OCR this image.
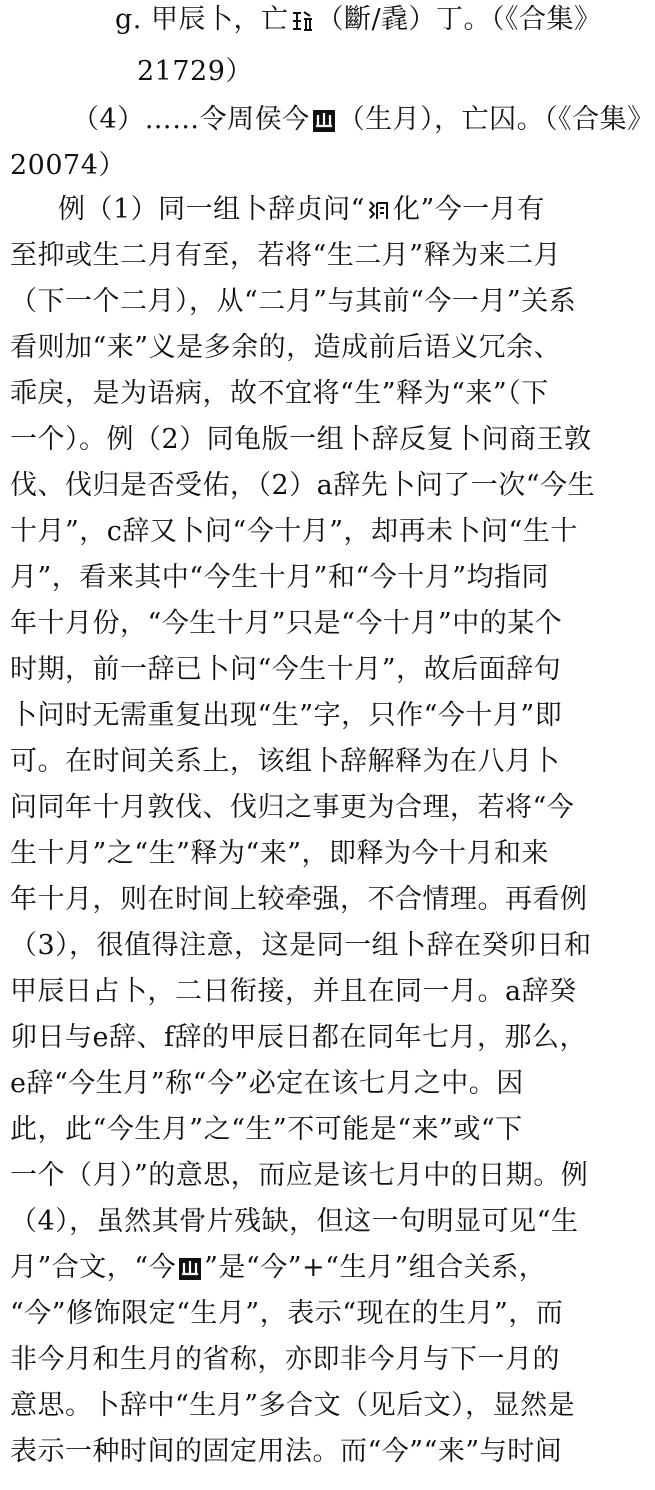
g. 甲辰卜，亡 （斷/毳）丁。（《合集》
21729）
（4）……令周侯今 （生月），亡囚。（《合集》
20074）
例（1）同一组卜辞贞问“ 化”今一月有
至抑或生二月有至，若将“生二月”释为来二月
（下一个二月），从“二月”与其前“今一月”关系
看则加“来”义是多余的，造成前后语义冗余、
乖戾，是为语病，故不宜将“生”释为“来”（下
一个）。例（2）同龟版一组卜辞反复卜问商王敦
伐、伐归是否受佑，（2）a辞先卜问了一次“今生
十月”，c辞又卜问“今十月”，却再未卜问“生十
月”，看来其中“今生十月”和“今十月”均指同
年十月份，“今生十月”只是“今十月”中的某个
时期，前一辞已卜问“今生十月”，故后面辞句
卜问时无需重复出现“生”字，只作“今十月”即
可。在时间关系上，该组卜辞解释为在八月卜
问同年十月敦伐、伐归之事更为合理，若将“今
生十月”之“生”释为“来”，即释为今十月和来
年十月，则在时间上较牵强，不合情理。再看例
（3），很值得注意，这是同一组卜辞在癸卯日和
甲辰日占卜，二日衔接，并且在同一月。a辞癸
卯日与e辞、f辞的甲辰日都在同年七月，那么，
e辞“今生月”称“今”必定在该七月之中。因
此，此“今生月”之“生”不可能是“来”或“下
一个（月）”的意思，而应是该七月中的日期。例
（4），虽然其骨片残缺，但这一句明显可见“生
月”合文，“今 ”是“今”+“生月”组合关系，
“今”修饰限定“生月”，表示“现在的生月”，而
非今月和生月的省称，亦即非今月与下一月的
意思。卜辞中“生月”多合文（见后文），显然是
表示一种时间的固定用法。而“今”“来”与时间
